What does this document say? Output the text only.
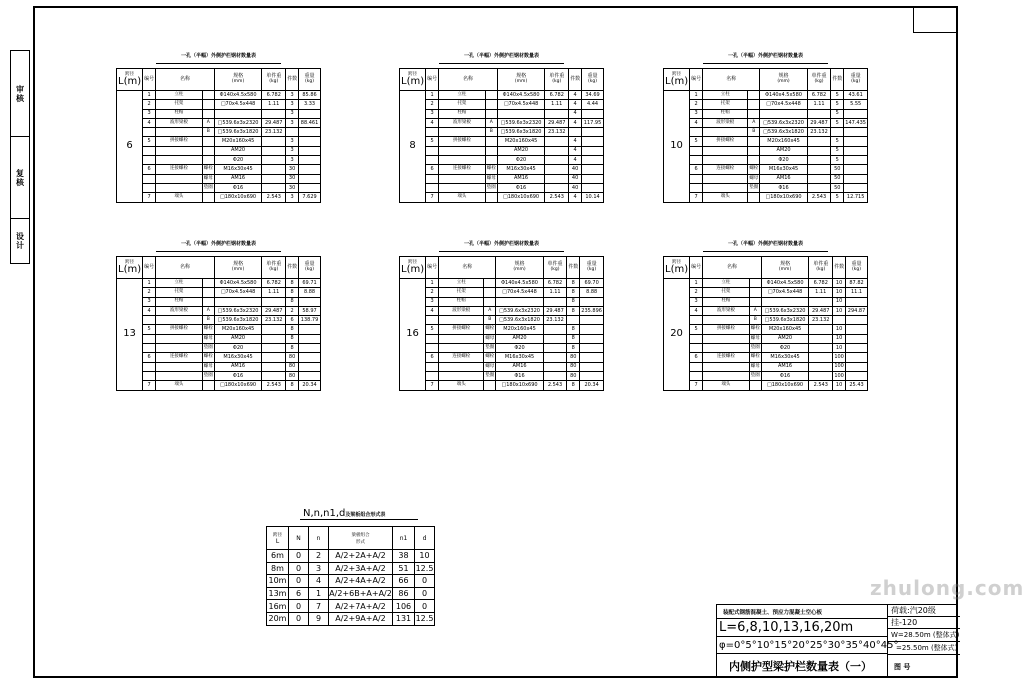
审核
复核
设计
一孔（半幅）外侧护栏钢材数量表
跨径
L(m)	编号	名称		规格
(mm)	单件重
(kg)	件数	重量
(kg)
6	1	立柱		Φ140x4.5x580	6.782	3	85.86
	2	托架		□70x4.5x448	1.11	3	3.33
	3	柱帽				3	
	4	波形梁板	A	□539.6x3x2320	29.487	3	88.461
			B	□539.6x3x1820	23.132		
	5	拼接螺栓		M20x160x45		3	
				AM20		3	
				Φ20		3	
	6	连接螺栓	螺栓	M16x30x45		30	
			螺母	AM16		30	
			垫圈	Φ16		30	
	7	端头		□180x10x690	2.543	3	7.629
一孔（半幅）外侧护栏钢材数量表
跨径
L(m)	编号	名称		规格
(mm)	单件重
(kg)	件数	重量
(kg)
8	1	立柱		Φ140x4.5x580	6.782	4	34.69
	2	托架		□70x4.5x448	1.11	4	4.44
	3	柱帽				4	
	4	波形梁板	A	□539.6x3x2320	29.487	4	117.95
			B	□539.6x3x1820	23.132		
	5	拼接螺栓		M20x160x45		4	
				AM20		4	
				Φ20		4	
	6	连接螺栓	螺栓	M16x30x45		40	
			螺母	AM16		40	
			垫圈	Φ16		40	
	7	端头		□180x10x690	2.543	4	10.14
一孔（半幅）外侧护栏钢材数量表
跨径
L(m)	编号	名称		规格
(mm)	单件重
(kg)	件数	重量
(kg)
10	1	立柱		Φ140x4.5x580	6.782	5	43.61
	2	托架		□70x4.5x448	1.11	5	5.55
	3	柱帽				5	
	4	波形梁板	A	□539.6x3x2320	29.487	5	147.435
			B	□539.6x3x1820	23.132		
	5	拼接螺栓		M20x160x45		5	
				AM20		5	
				Φ20		5	
	6	连接螺栓	螺栓	M16x30x45		50	
			螺母	AM16		50	
			垫圈	Φ16		50	
	7	端头		□180x10x690	2.543	5	12.715
一孔（半幅）外侧护栏钢材数量表
跨径
L(m)	编号	名称		规格
(mm)	单件重
(kg)	件数	重量
(kg)
13	1	立柱		Φ140x4.5x580	6.782	8	69.71
	2	托架		□70x4.5x448	1.11	8	8.88
	3	柱帽				8	
	4	波形梁板	A	□539.6x3x2320	29.487	2	58.97
			B	□539.6x3x1820	23.132	6	138.79
	5	拼接螺栓	螺栓	M20x160x45		8	
			螺母	AM20		8	
			垫圈	Φ20		8	
	6	连接螺栓	螺栓	M16x30x45		80	
			螺母	AM16		80	
			垫圈	Φ16		80	
	7	端头		□180x10x690	2.543	8	20.34
一孔（半幅）外侧护栏钢材数量表
跨径
L(m)	编号	名称		规格
(mm)	单件重
(kg)	件数	重量
(kg)
16	1	立柱		Φ140x4.5x580	6.782	8	69.70
	2	托架		□70x4.5x448	1.11	8	8.88
	3	柱帽				8	
	4	波形梁板	A	□539.6x3x2320	29.487	8	235.896
			B	□539.6x3x1820	23.132		
	5	拼接螺栓	螺栓	M20x160x45		8	
			螺母	AM20		8	
			垫圈	Φ20		8	
	6	连接螺栓	螺栓	M16x30x45		80	
			螺母	AM16		80	
			垫圈	Φ16		80	
	7	端头		□180x10x690	2.543	8	20.34
一孔（半幅）外侧护栏钢材数量表
跨径
L(m)	编号	名称		规格
(mm)	单件重
(kg)	件数	重量
(kg)
20	1	立柱		Φ140x4.5x580	6.782	10	87.82
	2	托架		□70x4.5x448	1.11	10	11.1
	3	柱帽				10	
	4	波形梁板	A	□539.6x3x2320	29.487	10	294.87
			B	□539.6x3x1820	23.132		
	5	拼接螺栓	螺栓	M20x160x45		10	
			螺母	AM20		10	
			垫圈	Φ20		10	
	6	连接螺栓	螺栓	M16x30x45		100	
			螺母	AM16		100	
			垫圈	Φ16		100	
	7	端头		□180x10x690	2.543	10	25.43
N,n,n1,d及梁板组合形式表
跨径
L	N	n	梁板组合
形式	n1	d
6m	0	2	A/2+2A+A/2	38	10
8m	0	3	A/2+3A+A/2	51	12.5
10m	0	4	A/2+4A+A/2	66	0
13m	6	1	A/2+6B+A+A/2	86	0
16m	0	7	A/2+7A+A/2	106	0
20m	0	9	A/2+9A+A/2	131	12.5
装配式钢筋混凝土、预应力混凝土空心板
L=6,8,10,13,16,20m
φ=0°5°10°15°20°25°30°35°40°45°
内侧护型梁护栏数量表（一）
荷载:汽20级
挂-120
W=28.50m (整体式)
=25.50m (整体式)
图 号
zhulong.com
